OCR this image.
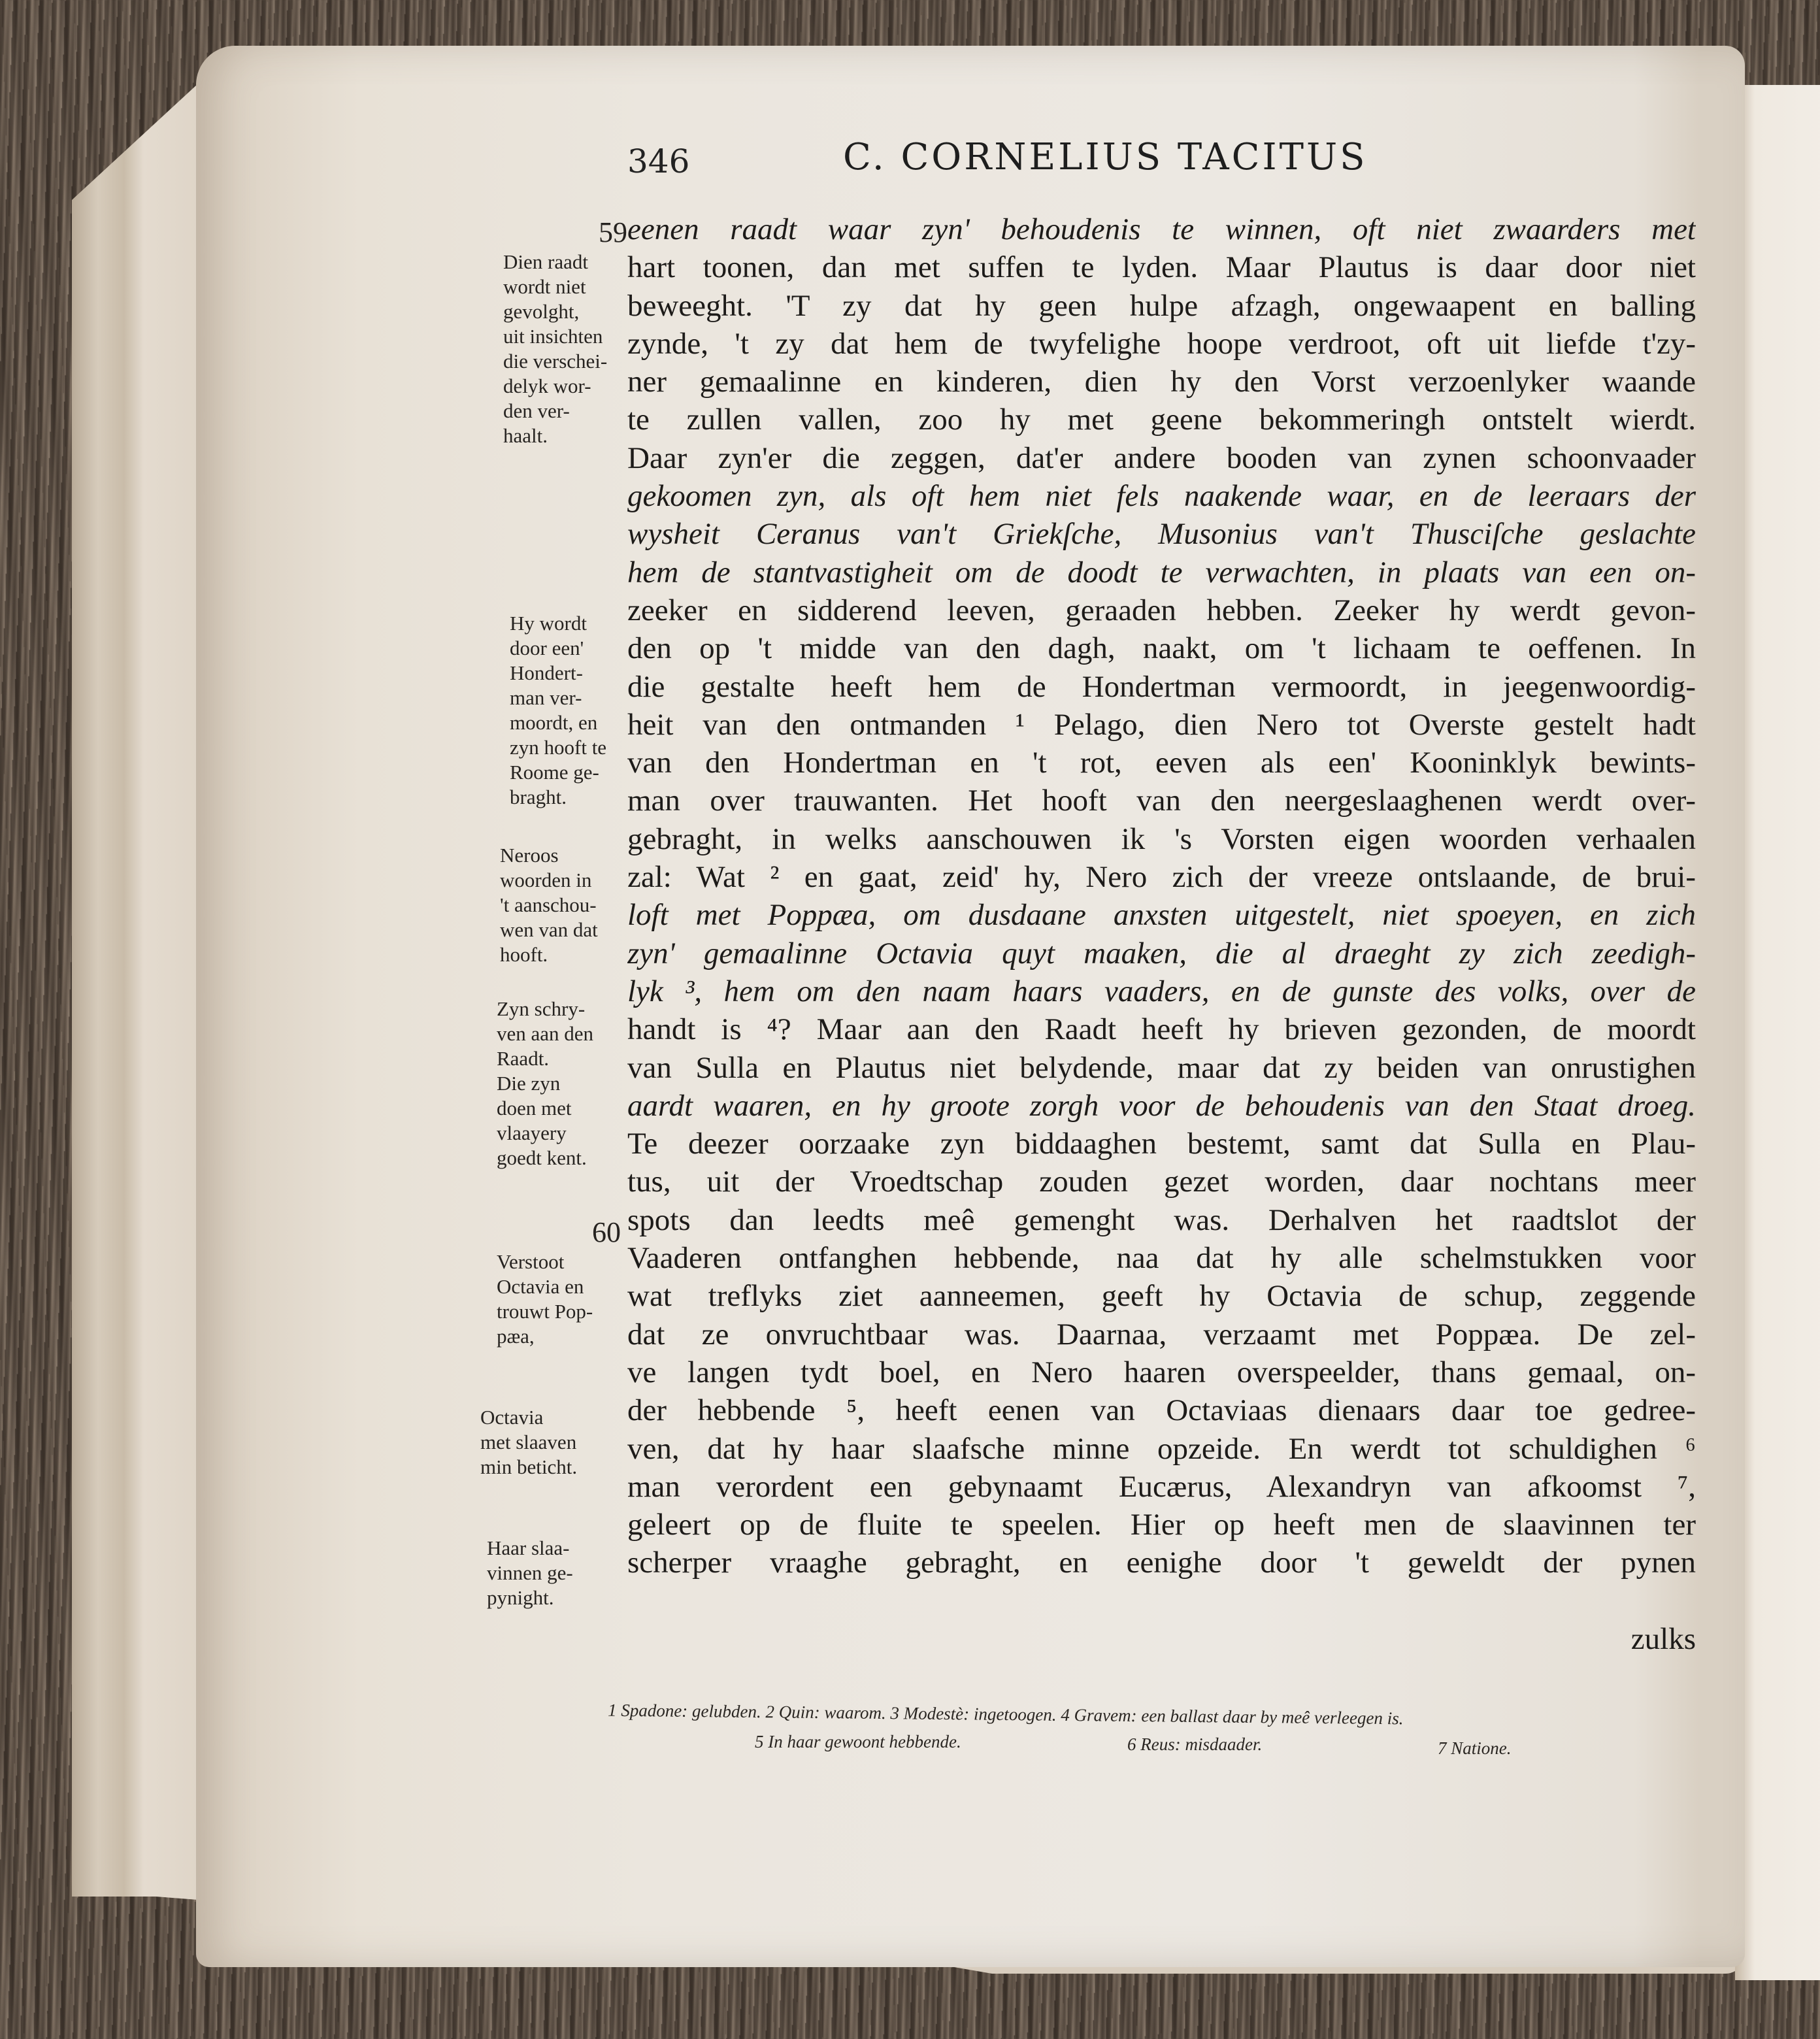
346	C. CORNELIUS TACITUS
eenen raadt waar zyn' behoudenis te winnen, oft niet zwaarders met
hart toonen, dan met suffen te lyden. Maar Plautus is daar door niet
beweeght. 'T zy dat hy geen hulpe afzagh, ongewaapent en balling
zynde, 't zy dat hem de twyfelighe hoope verdroot, oft uit liefde t'zy-
ner gemaalinne en kinderen, dien hy den Vorst verzoenlyker waande
te zullen vallen, zoo hy met geene bekommeringh ontstelt wierdt.
Daar zyn'er die zeggen, dat'er andere booden van zynen schoonvaader
gekoomen zyn, als oft hem niet fels naakende waar, en de leeraars der
wysheit Ceranus van't Griekſche, Musonius van't Thusciſche geslachte
hem de stantvastigheit om de doodt te verwachten, in plaats van een on-
zeeker en sidderend leeven, geraaden hebben. Zeeker hy werdt gevon-
den op 't midde van den dagh, naakt, om 't lichaam te oeffenen. In
die gestalte heeft hem de Hondertman vermoordt, in jeegenwoordig-
heit van den ontmanden ¹ Pelago, dien Nero tot Overste gestelt hadt
van den Hondertman en 't rot, eeven als een' Kooninklyk bewints-
man over trauwanten. Het hooft van den neergeslaaghenen werdt over-
gebraght, in welks aanschouwen ik 's Vorsten eigen woorden verhaalen
zal: Wat ² en gaat, zeid' hy, Nero zich der vreeze ontslaande, de brui-
loft met Poppæa, om dusdaane anxsten uitgestelt, niet spoeyen, en zich
zyn' gemaalinne Octavia quyt maaken, die al draeght zy zich zeedigh-
lyk ³, hem om den naam haars vaaders, en de gunste des volks, over de
handt is ⁴? Maar aan den Raadt heeft hy brieven gezonden, de moordt
van Sulla en Plautus niet belydende, maar dat zy beiden van onrustighen
aardt waaren, en hy groote zorgh voor de behoudenis van den Staat droeg.
Te deezer oorzaake zyn biddaaghen bestemt, samt dat Sulla en Plau-
tus, uit der Vroedtschap zouden gezet worden, daar nochtans meer
spots dan leedts meê gemenght was. Derhalven het raadtslot der
Vaaderen ontfanghen hebbende, naa dat hy alle schelmstukken voor
wat treflyks ziet aanneemen, geeft hy Octavia de schup, zeggende
dat ze onvruchtbaar was. Daarnaa, verzaamt met Poppæa. De zel-
ve langen tydt boel, en Nero haaren overspeelder, thans gemaal, on-
der hebbende ⁵, heeft eenen van Octaviaas dienaars daar toe gedree-
ven, dat hy haar slaafsche minne opzeide. En werdt tot schuldighen ⁶
man verordent een gebynaamt Eucærus, Alexandryn van afkoomst ⁷,
geleert op de fluite te speelen. Hier op heeft men de slaavinnen ter
scherper vraaghe gebraght, en eenighe door 't geweldt der pynen
zulks
59
Dien raadt
wordt niet
gevolght,
uit insichten
die verschei-
delyk wor-
den ver-
haalt.
Hy wordt
door een'
Hondert-
man ver-
moordt, en
zyn hooft te
Roome ge-
braght.
Neroos
woorden in
't aanschou-
wen van dat
hooft.
Zyn schry-
ven aan den
Raadt.
Die zyn
doen met
vlaayery
goedt kent.
60
Verstoot
Octavia en
trouwt Pop-
pæa,
Octavia
met slaaven
min beticht.
Haar slaa-
vinnen ge-
pynight.
1 Spadone: gelubden. 2 Quin: waarom. 3 Modestè: ingetoogen. 4 Gravem: een ballast daar by meê verleegen is.
5 In haar gewoont hebbende.	6 Reus: misdaader.	7 Natione.
